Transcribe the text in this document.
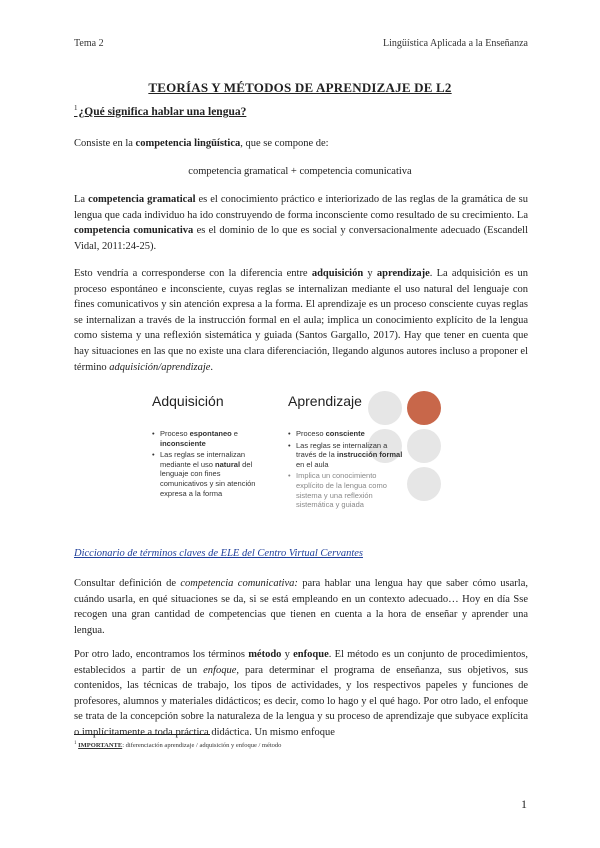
Tema 2	Lingüística Aplicada a la Enseñanza
TEORÍAS Y MÉTODOS DE APRENDIZAJE DE L2
$^1$¿Qué significa hablar una lengua?
Consiste en la competencia lingüística, que se compone de:
competencia gramatical + competencia comunicativa
La competencia gramatical es el conocimiento práctico e interiorizado de las reglas de la gramática de su lengua que cada individuo ha ido construyendo de forma inconsciente como resultado de su crecimiento. La competencia comunicativa es el dominio de lo que es social y conversacionalmente adecuado (Escandell Vidal, 2011:24-25).
Esto vendría a corresponderse con la diferencia entre adquisición y aprendizaje. La adquisición es un proceso espontáneo e inconsciente, cuyas reglas se internalizan mediante el uso natural del lenguaje con fines comunicativos y sin atención expresa a la forma. El aprendizaje es un proceso consciente cuyas reglas se internalizan a través de la instrucción formal en el aula; implica un conocimiento explícito de la lengua como sistema y una reflexión sistemática y guiada (Santos Gargallo, 2017). Hay que tener en cuenta que hay situaciones en las que no existe una clara diferenciación, llegando algunos autores incluso a proponer el término adquisición/aprendizaje.
Adquisición	Aprendizaje
• Proceso espontaneo e inconsciente
• Las reglas se internalizan mediante el uso natural del lenguaje con fines comunicativos y sin atención expresa a la forma
• Proceso consciente
• Las reglas se internalizan a través de la instrucción formal en el aula
• Implica un conocimiento explícito de la lengua como sistema y una reflexión sistemática y guiada
Diccionario de términos claves de ELE del Centro Virtual Cervantes
Consultar definición de competencia comunicativa: para hablar una lengua hay que saber cómo usarla, cuándo usarla, en qué situaciones se da, si se está empleando en un contexto adecuado… Hoy en día Sse recogen una gran cantidad de competencias que tienen en cuenta a la hora de enseñar y aprender una lengua.
Por otro lado, encontramos los términos método y enfoque. El método es un conjunto de procedimientos, establecidos a partir de un enfoque, para determinar el programa de enseñanza, sus objetivos, sus contenidos, las técnicas de trabajo, los tipos de actividades, y los respectivos papeles y funciones de profesores, alumnos y materiales didácticos; es decir, como lo hago y el qué hago. Por otro lado, el enfoque se trata de la concepción sobre la naturaleza de la lengua y su proceso de aprendizaje que subyace explícita o implícitamente a toda práctica didáctica. Un mismo enfoque
$^1$ IMPORTANTE: diferenciación aprendizaje / adquisición y enfoque / método
1
